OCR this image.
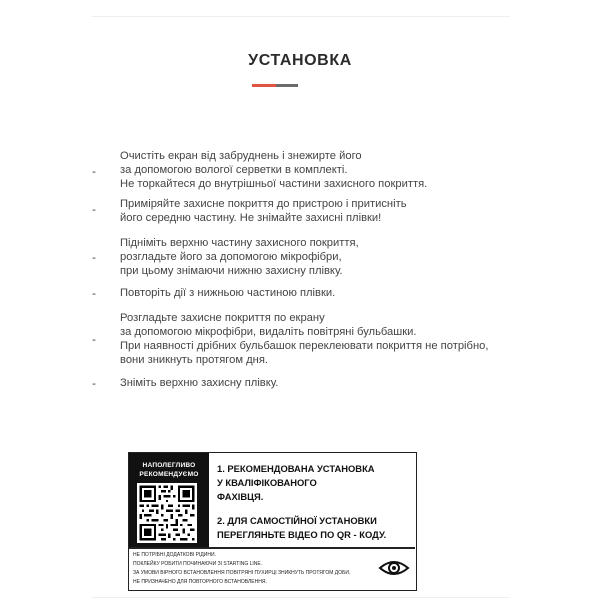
УСТАНОВКА
-
Очистіть екран від забруднень і знежирте його
за допомогою вологої серветки в комплекті.
Не торкайтеся до внутрішньої частини захисного покриття.
- Приміряйте захисне покриття до пристрою і притисніть
його середню частину. Не знімайте захисні плівки!
-
Підніміть верхню частину захисного покриття,
розгладьте його за допомогою мікрофібри,
при цьому знімаючи нижню захисну плівку.
- Повторіть дії з нижньою частиною плівки.
-
Розгладьте захисне покриття по екрану
за допомогою мікрофібри, видаліть повітряні бульбашки.
При наявності дрібних бульбашок переклеювати покриття не потрібно,
вони зникнуть протягом дня.
- Зніміть верхню захисну плівку.
НАПОЛЕГЛИВО
РЕКОМЕНДУЄМО
1. РЕКОМЕНДОВАНА УСТАНОВКА
У КВАЛІФІКОВАНОГО
ФАХІВЦЯ.
2. ДЛЯ САМОСТІЙНОЇ УСТАНОВКИ
ПЕРЕГЛЯНЬТЕ ВІДЕО ПО QR - КОДУ.
НЕ ПОТРІБНІ ДОДАТКОВІ РІДИНИ.
ПОКЛЕЙКУ РОБИТИ ПОЧИНАЮЧИ ЗІ STARTING LINE.
ЗА УМОВИ ВІРНОГО ВСТАНОВЛЕННЯ ПОВІТРЯНІ ПУХИРЦІ ЗНИКНУТЬ ПРОТЯГОМ ДОБИ.
НЕ ПРИЗНАЧЕНО ДЛЯ ПОВТОРНОГО ВСТАНОВЛЕННЯ.
